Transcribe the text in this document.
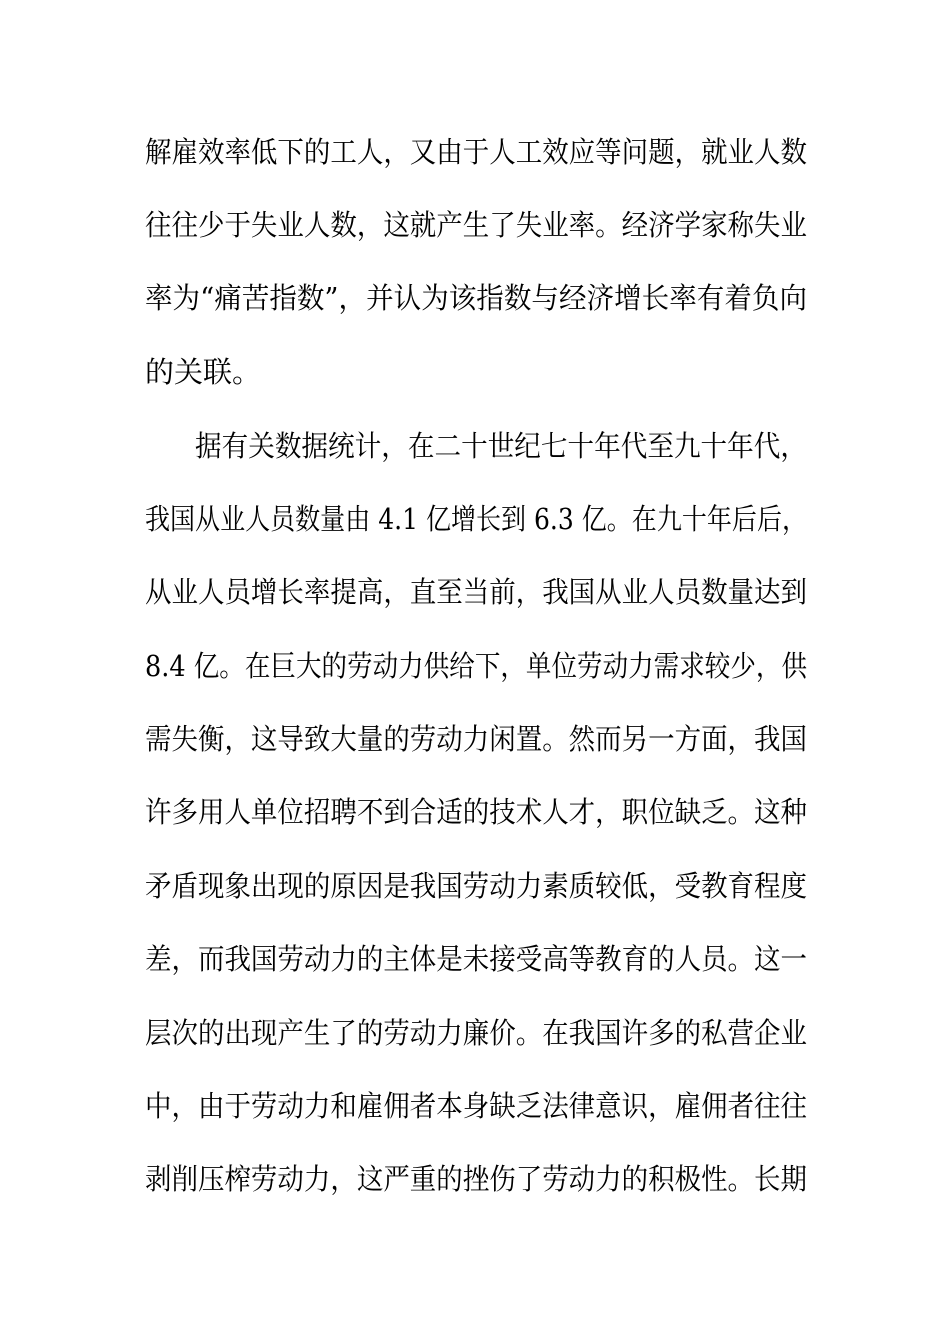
解雇效率低下的工人，又由于人工效应等问题，就业人数
往往少于失业人数，这就产生了失业率。经济学家称失业
率为“痛苦指数”，并认为该指数与经济增长率有着负向
的关联。
据有关数据统计，在二十世纪七十年代至九十年代，
我国从业人员数量由 4.1 亿增长到 6.3 亿。在九十年后后，
从业人员增长率提高，直至当前，我国从业人员数量达到
8.4 亿。在巨大的劳动力供给下，单位劳动力需求较少，供
需失衡，这导致大量的劳动力闲置。然而另一方面，我国
许多用人单位招聘不到合适的技术人才，职位缺乏。这种
矛盾现象出现的原因是我国劳动力素质较低，受教育程度
差，而我国劳动力的主体是未接受高等教育的人员。这一
层次的出现产生了的劳动力廉价。在我国许多的私营企业
中，由于劳动力和雇佣者本身缺乏法律意识，雇佣者往往
剥削压榨劳动力，这严重的挫伤了劳动力的积极性。长期
